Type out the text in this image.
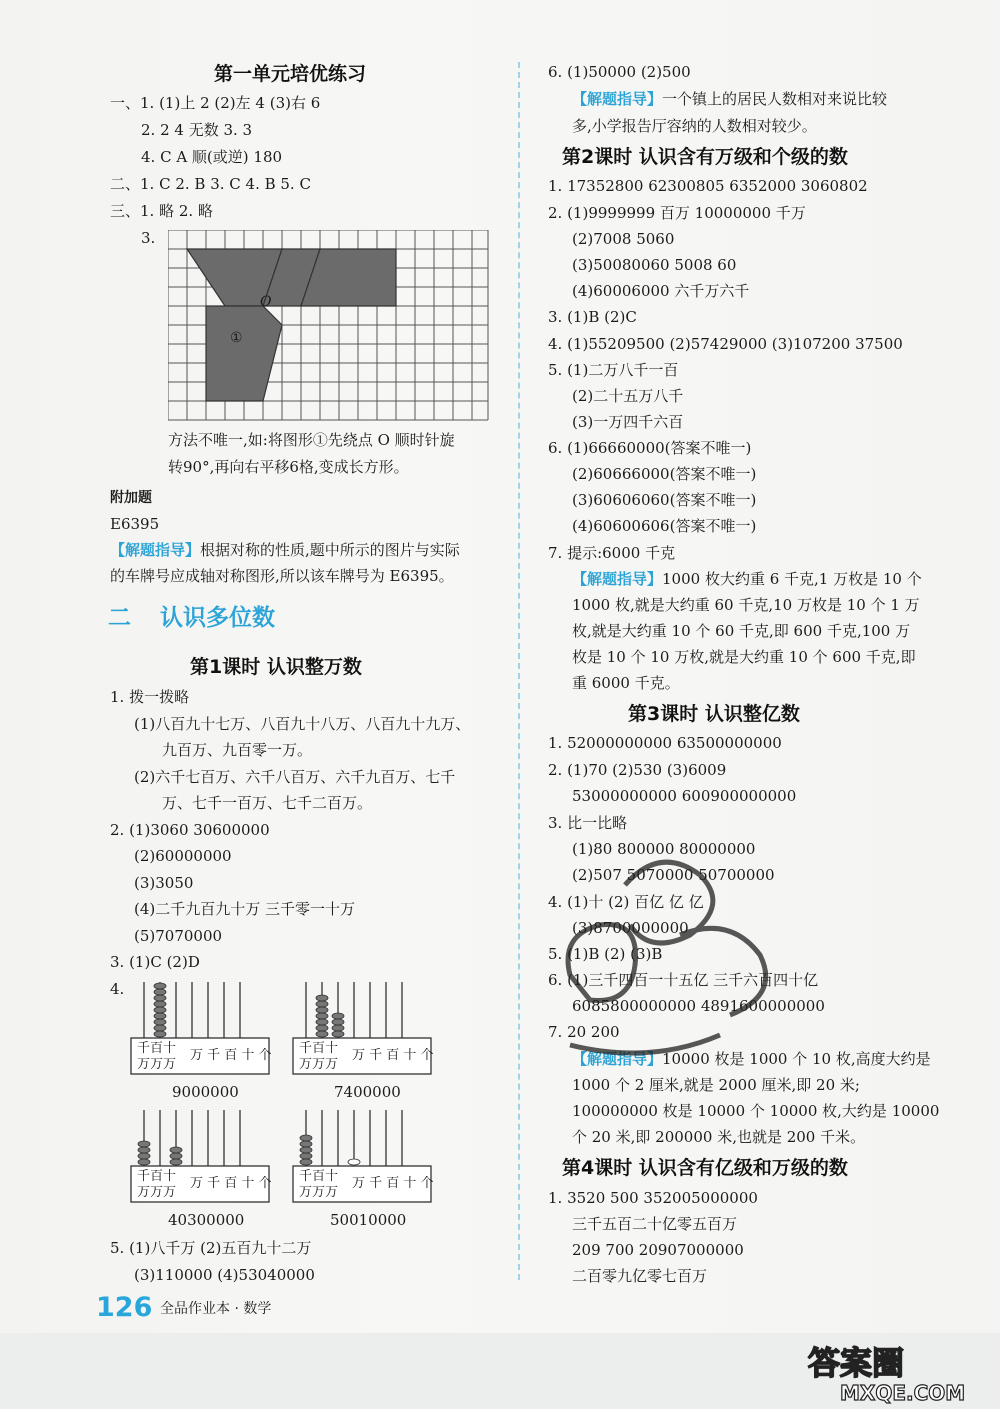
第一单元培优练习
一、1. (1)上 2 (2)左 4 (3)右 6
2. 2 4 无数 3. 3
4. C A 顺(或逆) 180
二、1. C 2. B 3. C 4. B 5. C
三、1. 略 2. 略
3.
O
①
方法不唯一,如:将图形①先绕点 O 顺时针旋
转90°,再向右平移6格,变成长方形。
附加题
E6395
【解题指导】根据对称的性质,题中所示的图片与实际
的车牌号应成轴对称图形,所以该车牌号为 E6395。
二 认识多位数
第1课时 认识整万数
1. 拨一拨略
(1)八百九十七万、八百九十八万、八百九十九万、
九百万、九百零一万。
(2)六千七百万、六千八百万、六千九百万、七千
万、七千一百万、七千二百万。
2. (1)3060 30600000
(2)60000000
(3)3050
(4)二千九百九十万 三千零一十万
(5)7070000
3. (1)C (2)D
4.
千百十
万万万
万 千 百 十 个
9000000
千百十
万万万
万 千 百 十 个
7400000
千百十
万万万
万 千 百 十 个
40300000
千百十
万万万
万 千 百 十 个
50010000
5. (1)八千万 (2)五百九十二万
(3)110000 (4)53040000
126 全品作业本 · 数学
6. (1)50000 (2)500
【解题指导】一个镇上的居民人数相对来说比较
多,小学报告厅容纳的人数相对较少。
第2课时 认识含有万级和个级的数
1. 17352800 62300805 6352000 3060802
2. (1)9999999 百万 10000000 千万
(2)7008 5060
(3)50080060 5008 60
(4)60006000 六千万六千
3. (1)B (2)C
4. (1)55209500 (2)57429000 (3)107200 37500
5. (1)二万八千一百
(2)二十五万八千
(3)一万四千六百
6. (1)66660000(答案不唯一)
(2)60666000(答案不唯一)
(3)60606060(答案不唯一)
(4)60600606(答案不唯一)
7. 提示:6000 千克
【解题指导】1000 枚大约重 6 千克,1 万枚是 10 个
1000 枚,就是大约重 60 千克,10 万枚是 10 个 1 万
枚,就是大约重 10 个 60 千克,即 600 千克,100 万
枚是 10 个 10 万枚,就是大约重 10 个 600 千克,即
重 6000 千克。
第3课时 认识整亿数
1. 52000000000 63500000000
2. (1)70 (2)530 (3)6009
53000000000 600900000000
3. 比一比略
(1)80 800000 80000000
(2)507 5070000 50700000
4. (1)十 (2) 百亿 亿 亿
(3)8700000000
5. (1)B (2) (3)B
6. (1)三千四百一十五亿 三千六百四十亿
6085800000000 4891600000000
7. 20 200
【解题指导】10000 枚是 1000 个 10 枚,高度大约是
1000 个 2 厘米,就是 2000 厘米,即 20 米;
100000000 枚是 10000 个 10000 枚,大约是 10000
个 20 米,即 200000 米,也就是 200 千米。
第4课时 认识含有亿级和万级的数
1. 3520 500 352005000000
三千五百二十亿零五百万
209 700 20907000000
二百零九亿零七百万
答案圈
MXQE.COM
